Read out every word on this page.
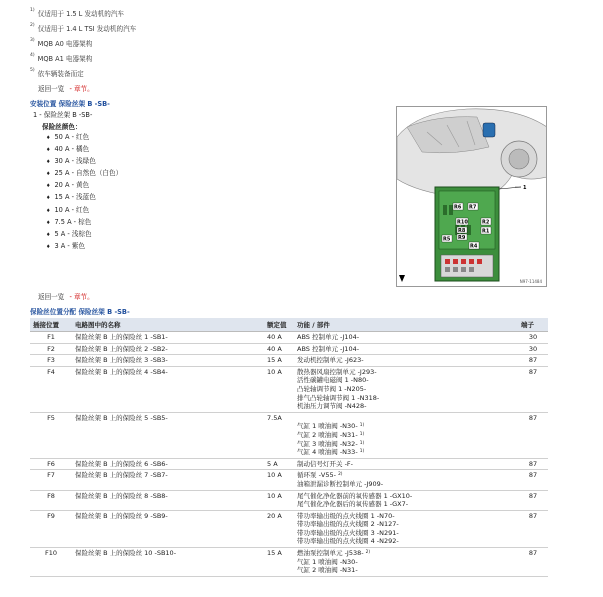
$^{1)}$ 仅适用于 1.5 L 发动机的汽车
$^{2)}$ 仅适用于 1.4 L TSI 发动机的汽车
$^{3)}$ MQB A0 电器架构
$^{4)}$ MQB A1 电器架构
$^{5)}$ 依车辆装备而定
返回一览 - 章节。
安装位置 保险丝架 B -SB-
1 - 保险丝架 B -SB-
保险丝颜色：
♦ 50 A - 红色
♦ 40 A - 橘色
♦ 30 A - 浅绿色
♦ 25 A - 自然色（白色）
♦ 20 A - 黄色
♦ 15 A - 浅蓝色
♦ 10 A - 红色
♦ 7.5 A - 棕色
♦ 5 A - 浅棕色
♦ 3 A - 紫色
R6 R7
R10
R8
R9
R2
R1
R5
R4
1
N97-11484
返回一览 - 章节。
保险丝位置分配 保险丝架 B -SB-
插接位置	电路图中的名称	额定值	功能 / 部件	端子
F1	保险丝架 B 上的保险丝 1 -SB1-	40 A	ABS 控制单元 -J104-	30
F2	保险丝架 B 上的保险丝 2 -SB2-	40 A	ABS 控制单元 -J104-	30
F3	保险丝架 B 上的保险丝 3 -SB3-	15 A	发动机控制单元 -J623-	87
F4	保险丝架 B 上的保险丝 4 -SB4-	10 A	散热器风扇控制单元 -J293-
活性碳罐电磁阀 1 -N80-
凸轮轴调节阀 1 -N205-
排气凸轮轴调节阀 1 -N318-
机油压力调节阀 -N428-	87
F5	保险丝架 B 上的保险丝 5 -SB5-	7.5A	气缸 1 喷油阀 -N30- $^{1)}$
气缸 2 喷油阀 -N31- $^{1)}$
气缸 3 喷油阀 -N32- $^{1)}$
气缸 4 喷油阀 -N33- $^{1)}$	87
F6	保险丝架 B 上的保险丝 6 -SB6-	5 A	制动信号灯开关 -F-	87
F7	保险丝架 B 上的保险丝 7 -SB7-	10 A	循环泵 -V55- $^{2)}$
油箱泄漏诊断控制单元 -J909-	87
F8	保险丝架 B 上的保险丝 8 -SB8-	10 A	尾气催化净化器前的氧传感器 1 -GX10-
尾气催化净化器后的氧传感器 1 -GX7-	87
F9	保险丝架 B 上的保险丝 9 -SB9-	20 A	带功率输出级的点火线圈 1 -N70-
带功率输出级的点火线圈 2 -N127-
带功率输出级的点火线圈 3 -N291-
带功率输出级的点火线圈 4 -N292-	87
F10	保险丝架 B 上的保险丝 10 -SB10-	15 A	燃油泵控制单元 -J538- $^{2)}$
气缸 1 喷油阀 -N30-
气缸 2 喷油阀 -N31-	87
